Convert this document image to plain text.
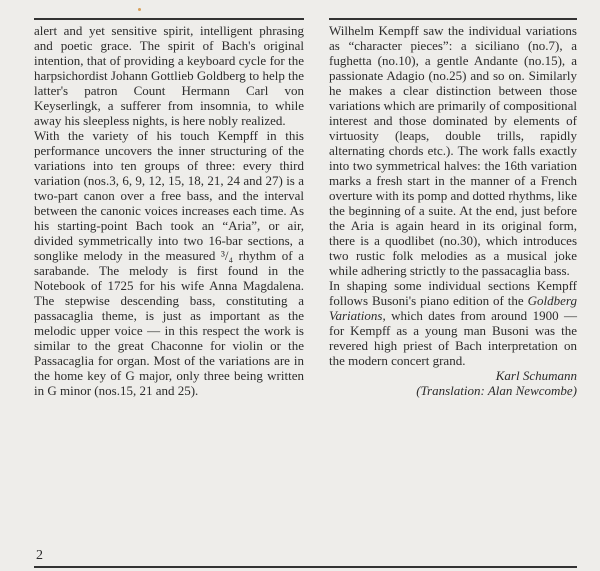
alert and yet sensitive spirit, intelligent phrasing and poetic grace. The spirit of Bach's original intention, that of providing a keyboard cycle for the harpsichordist Johann Gottlieb Goldberg to help the latter's patron Count Hermann Carl von Keyserlingk, a sufferer from insomnia, to while away his sleepless nights, is here nobly realized.

With the variety of his touch Kempff in this performance uncovers the inner structuring of the variations into ten groups of three: every third variation (nos.3, 6, 9, 12, 15, 18, 21, 24 and 27) is a two-part canon over a free bass, and the interval between the canonic voices increases each time. As his starting-point Bach took an “Aria”, or air, divided symmetrically into two 16-bar sections, a songlike melody in the measured ³/₄ rhythm of a sarabande. The melody is first found in the Notebook of 1725 for his wife Anna Magdalena. The stepwise descending bass, constituting a passacaglia theme, is just as important as the melodic upper voice — in this respect the work is similar to the great Chaconne for violin or the Passacaglia for organ. Most of the variations are in the home key of G major, only three being written in G minor (nos.15, 21 and 25).

Wilhelm Kempff saw the individual variations as “character pieces”: a siciliano (no.7), a fughetta (no.10), a gentle Andante (no.15), a passionate Adagio (no.25) and so on. Similarly he makes a clear distinction between those variations which are primarily of compositional interest and those dominated by elements of virtuosity (leaps, double trills, rapidly alternating chords etc.). The work falls exactly into two symmetrical halves: the 16th variation marks a fresh start in the manner of a French overture with its pomp and dotted rhythms, like the beginning of a suite. At the end, just before the Aria is again heard in its original form, there is a quodlibet (no.30), which introduces two rustic folk melodies as a musical joke while adhering strictly to the passacaglia bass.

In shaping some individual sections Kempff follows Busoni's piano edition of the Goldberg Variations, which dates from around 1900 — for Kempff as a young man Busoni was the revered high priest of Bach interpretation on the modern concert grand.

Karl Schumann

(Translation: Alan Newcombe)

2
